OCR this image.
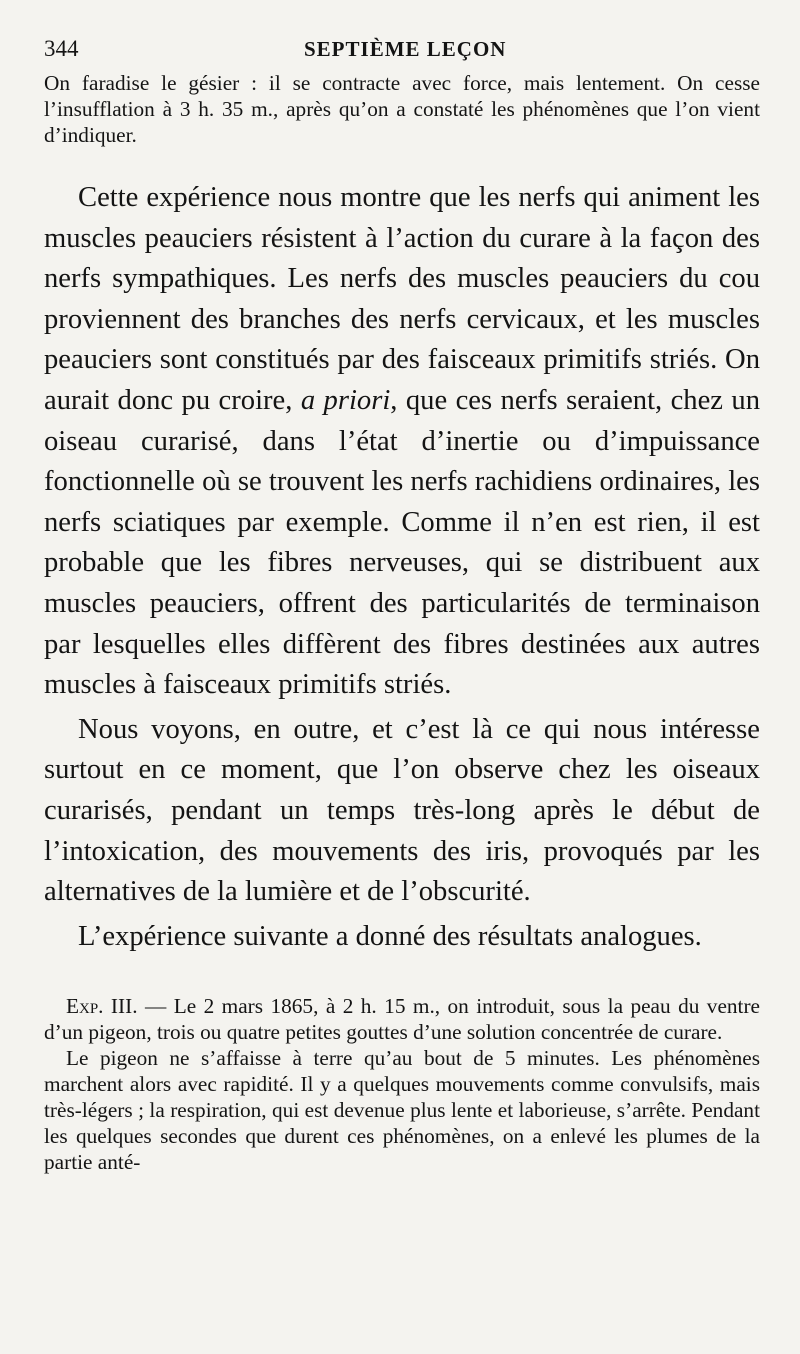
344	SEPTIÈME LEÇON

On faradise le gésier : il se contracte avec force, mais lentement. On cesse l’insufflation à 3 h. 35 m., après qu’on a constaté les phénomènes que l’on vient d’indiquer.

Cette expérience nous montre que les nerfs qui animent les muscles peauciers résistent à l’action du curare à la façon des nerfs sympathiques. Les nerfs des muscles peauciers du cou proviennent des branches des nerfs cervicaux, et les muscles peauciers sont constitués par des faisceaux primitifs striés. On aurait donc pu croire, a priori, que ces nerfs seraient, chez un oiseau curarisé, dans l’état d’inertie ou d’impuissance fonctionnelle où se trouvent les nerfs rachidiens ordinaires, les nerfs sciatiques par exemple. Comme il n’en est rien, il est probable que les fibres nerveuses, qui se distribuent aux muscles peauciers, offrent des particularités de terminaison par lesquelles elles diffèrent des fibres destinées aux autres muscles à faisceaux primitifs striés.

Nous voyons, en outre, et c’est là ce qui nous intéresse surtout en ce moment, que l’on observe chez les oiseaux curarisés, pendant un temps très-long après le début de l’intoxication, des mouvements des iris, provoqués par les alternatives de la lumière et de l’obscurité.

L’expérience suivante a donné des résultats analogues.

Exp. III. — Le 2 mars 1865, à 2 h. 15 m., on introduit, sous la peau du ventre d’un pigeon, trois ou quatre petites gouttes d’une solution concentrée de curare.

Le pigeon ne s’affaisse à terre qu’au bout de 5 minutes. Les phénomènes marchent alors avec rapidité. Il y a quelques mouvements comme convulsifs, mais très-légers ; la respiration, qui est devenue plus lente et laborieuse, s’arrête. Pendant les quelques secondes que durent ces phénomènes, on a enlevé les plumes de la partie anté-
